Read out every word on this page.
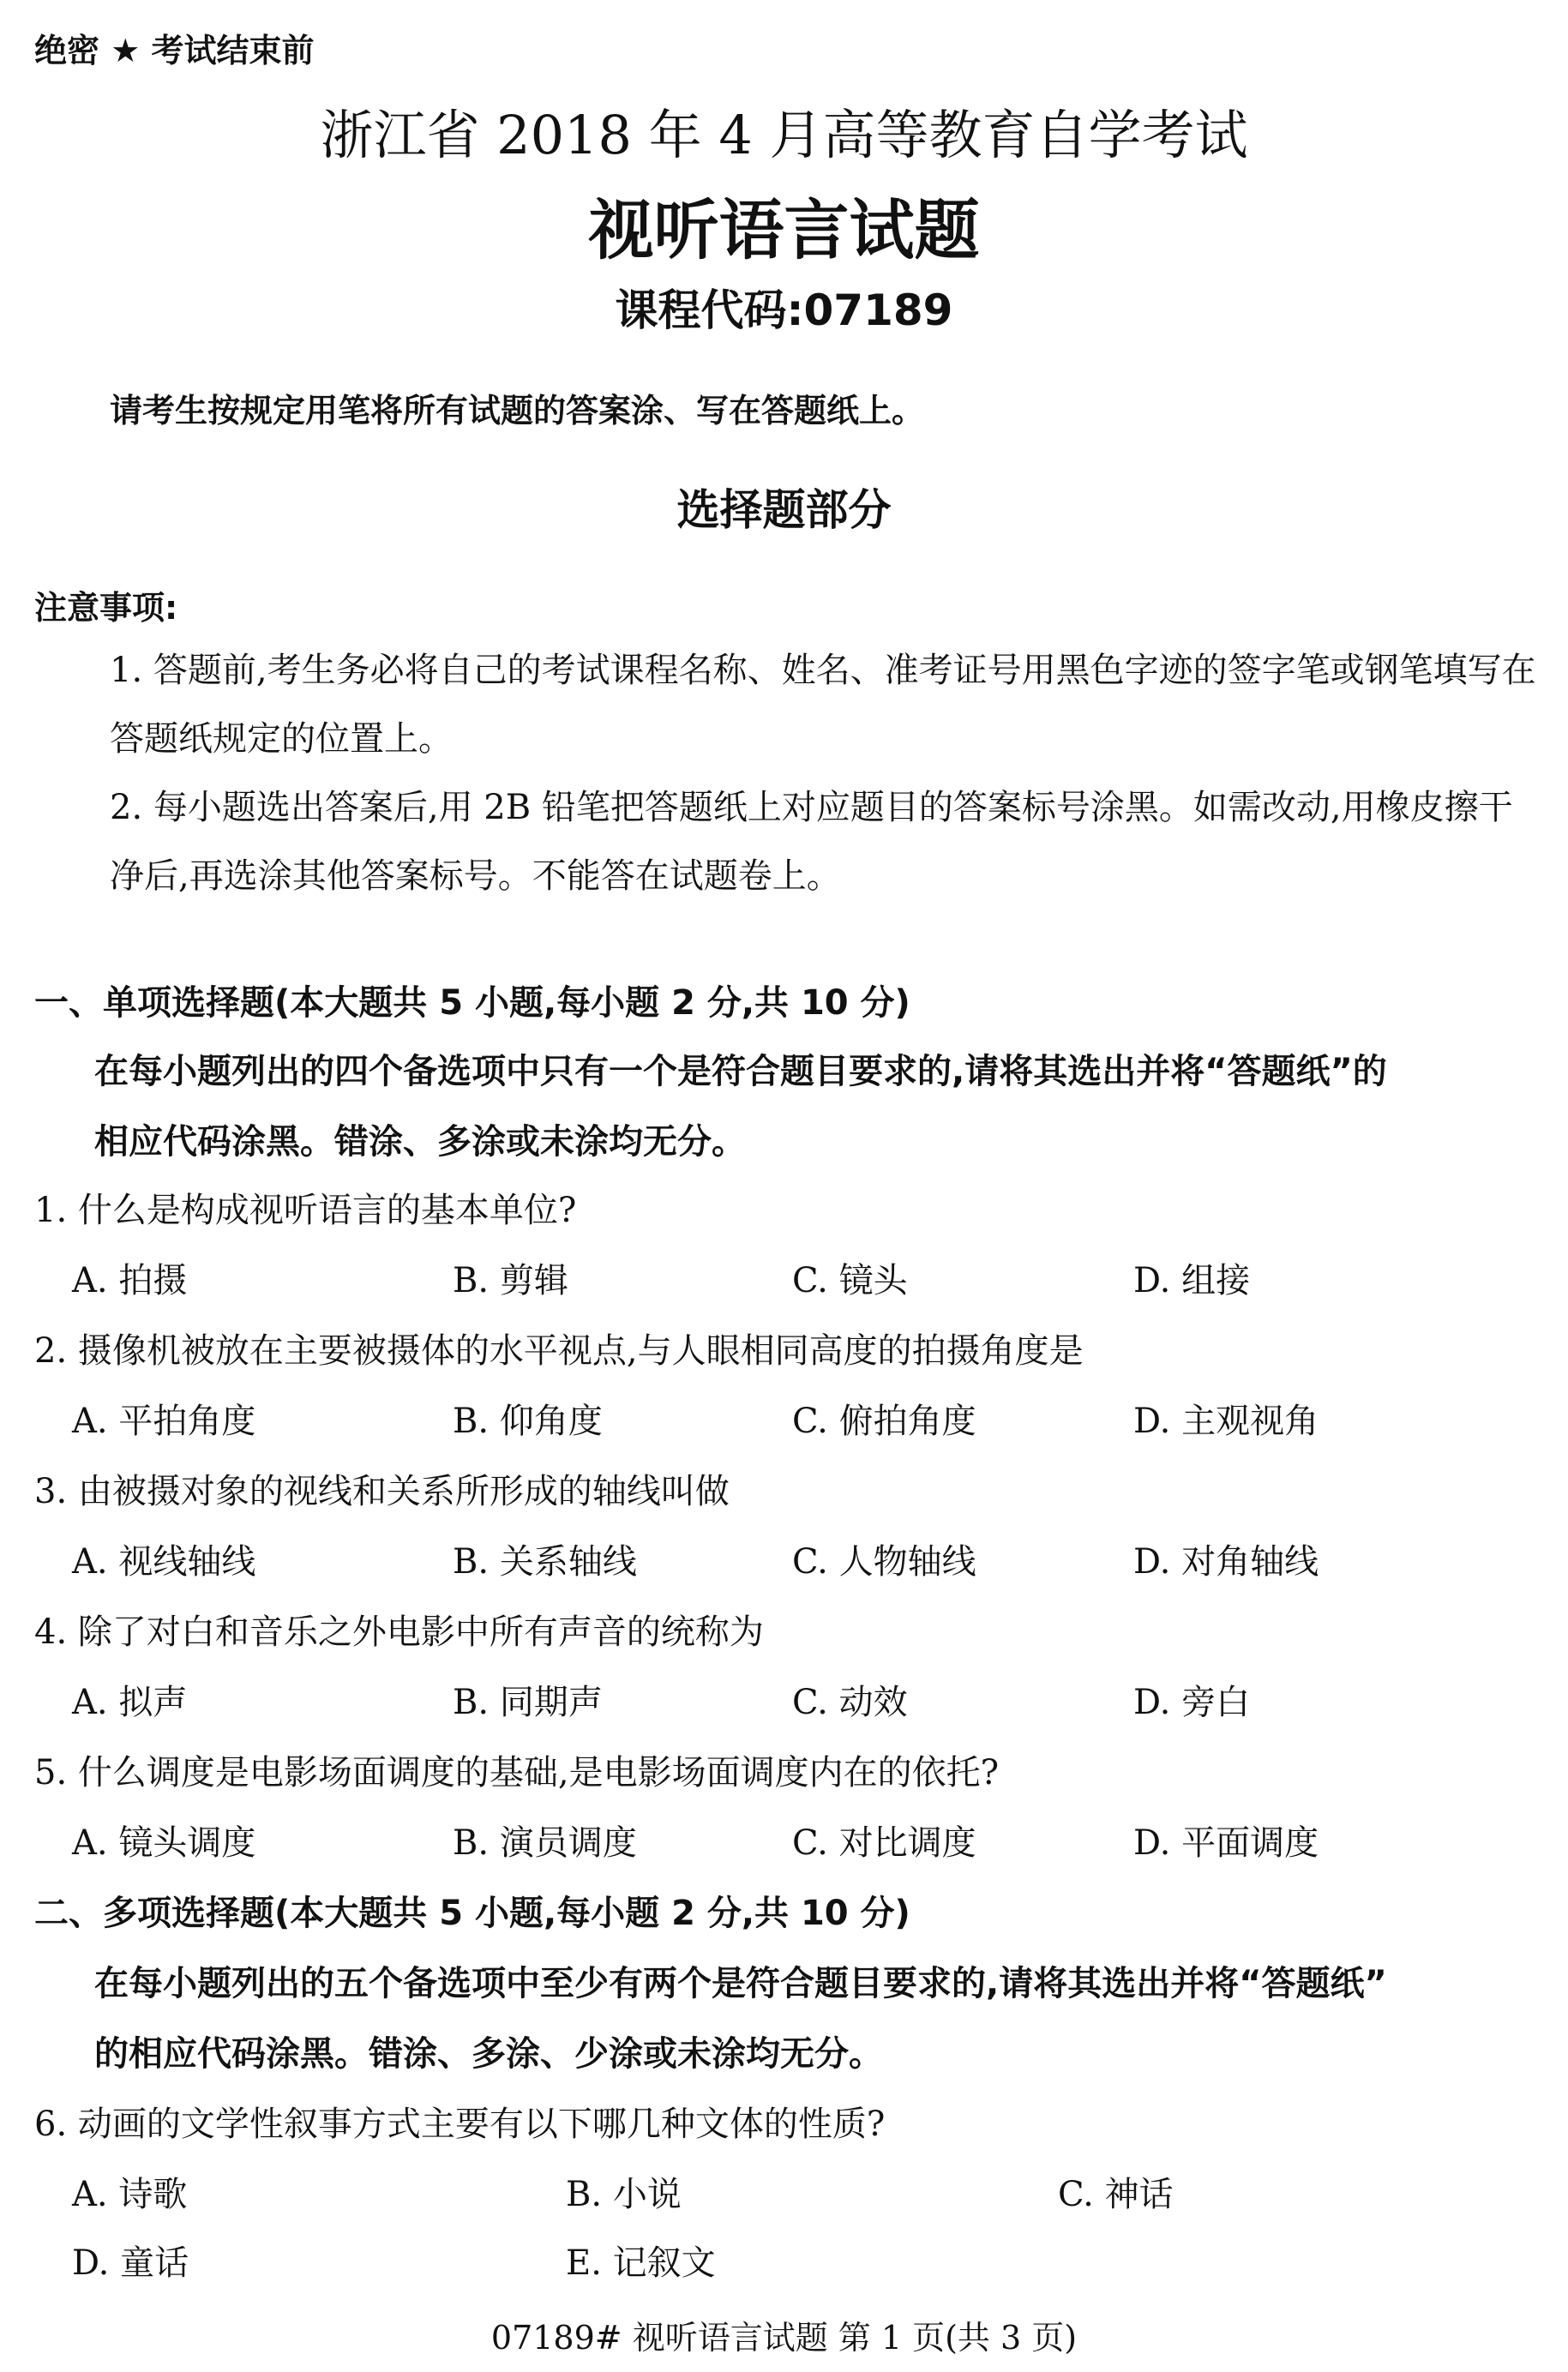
绝密 ★ 考试结束前
浙江省 2018 年 4 月高等教育自学考试
视听语言试题
课程代码:07189
请考生按规定用笔将所有试题的答案涂、写在答题纸上。
选择题部分
注意事项:
1. 答题前,考生务必将自己的考试课程名称、姓名、准考证号用黑色字迹的签字笔或钢笔填写在答题纸规定的位置上。
2. 每小题选出答案后,用 2B 铅笔把答题纸上对应题目的答案标号涂黑。如需改动,用橡皮擦干净后,再选涂其他答案标号。不能答在试题卷上。
一、单项选择题(本大题共 5 小题,每小题 2 分,共 10 分)
在每小题列出的四个备选项中只有一个是符合题目要求的,请将其选出并将“答题纸”的
相应代码涂黑。错涂、多涂或未涂均无分。
1. 什么是构成视听语言的基本单位?
A. 拍摄	B. 剪辑	C. 镜头	D. 组接
2. 摄像机被放在主要被摄体的水平视点,与人眼相同高度的拍摄角度是
A. 平拍角度	B. 仰角度	C. 俯拍角度	D. 主观视角
3. 由被摄对象的视线和关系所形成的轴线叫做
A. 视线轴线	B. 关系轴线	C. 人物轴线	D. 对角轴线
4. 除了对白和音乐之外电影中所有声音的统称为
A. 拟声	B. 同期声	C. 动效	D. 旁白
5. 什么调度是电影场面调度的基础,是电影场面调度内在的依托?
A. 镜头调度	B. 演员调度	C. 对比调度	D. 平面调度
二、多项选择题(本大题共 5 小题,每小题 2 分,共 10 分)
在每小题列出的五个备选项中至少有两个是符合题目要求的,请将其选出并将“答题纸”
的相应代码涂黑。错涂、多涂、少涂或未涂均无分。
6. 动画的文学性叙事方式主要有以下哪几种文体的性质?
A. 诗歌	B. 小说	C. 神话
D. 童话	E. 记叙文
07189# 视听语言试题 第 1 页(共 3 页)
